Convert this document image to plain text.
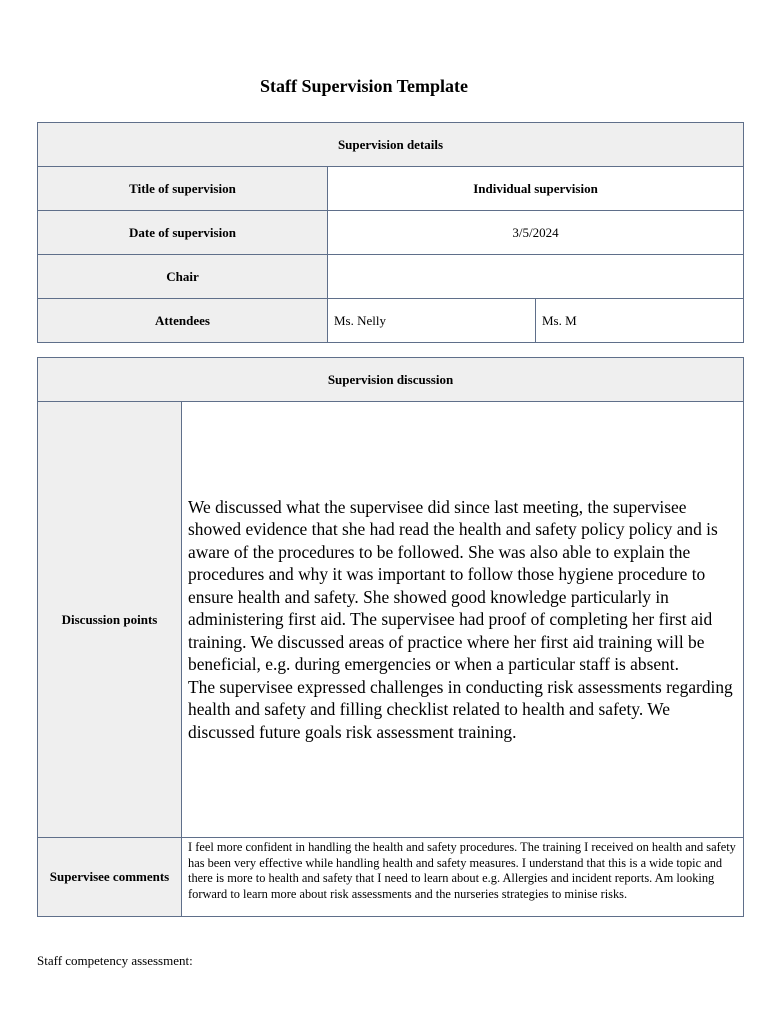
Staff Supervision Template
Supervision details		
Title of supervision	Individual supervision	
Date of supervision	3/5/2024	
Chair		
Attendees	Ms. Nelly	Ms. M
Supervision discussion	
Discussion points	We discussed what the supervisee did since last meeting, the supervisee showed evidence that she had read the health and safety policy policy and is aware of the procedures to be followed. She was also able to explain the procedures and why it was important to follow those hygiene procedure to ensure health and safety. She showed good knowledge particularly in administering first aid. The supervisee had proof of completing her first aid training. We discussed areas of practice where her first aid training will be beneficial, e.g. during emergencies or when a particular staff is absent.
The supervisee expressed challenges in conducting risk assessments regarding health and safety and filling checklist related to health and safety. We discussed future goals risk assessment training.
Supervisee comments	I feel more confident in handling the health and safety procedures. The training I received on health and safety has been very effective while handling health and safety measures. I understand that this is a wide topic and there is more to health and safety that I need to learn about e.g. Allergies and incident reports. Am looking forward to learn more about risk assessments and the nurseries strategies to minise risks.
Staff competency assessment:
